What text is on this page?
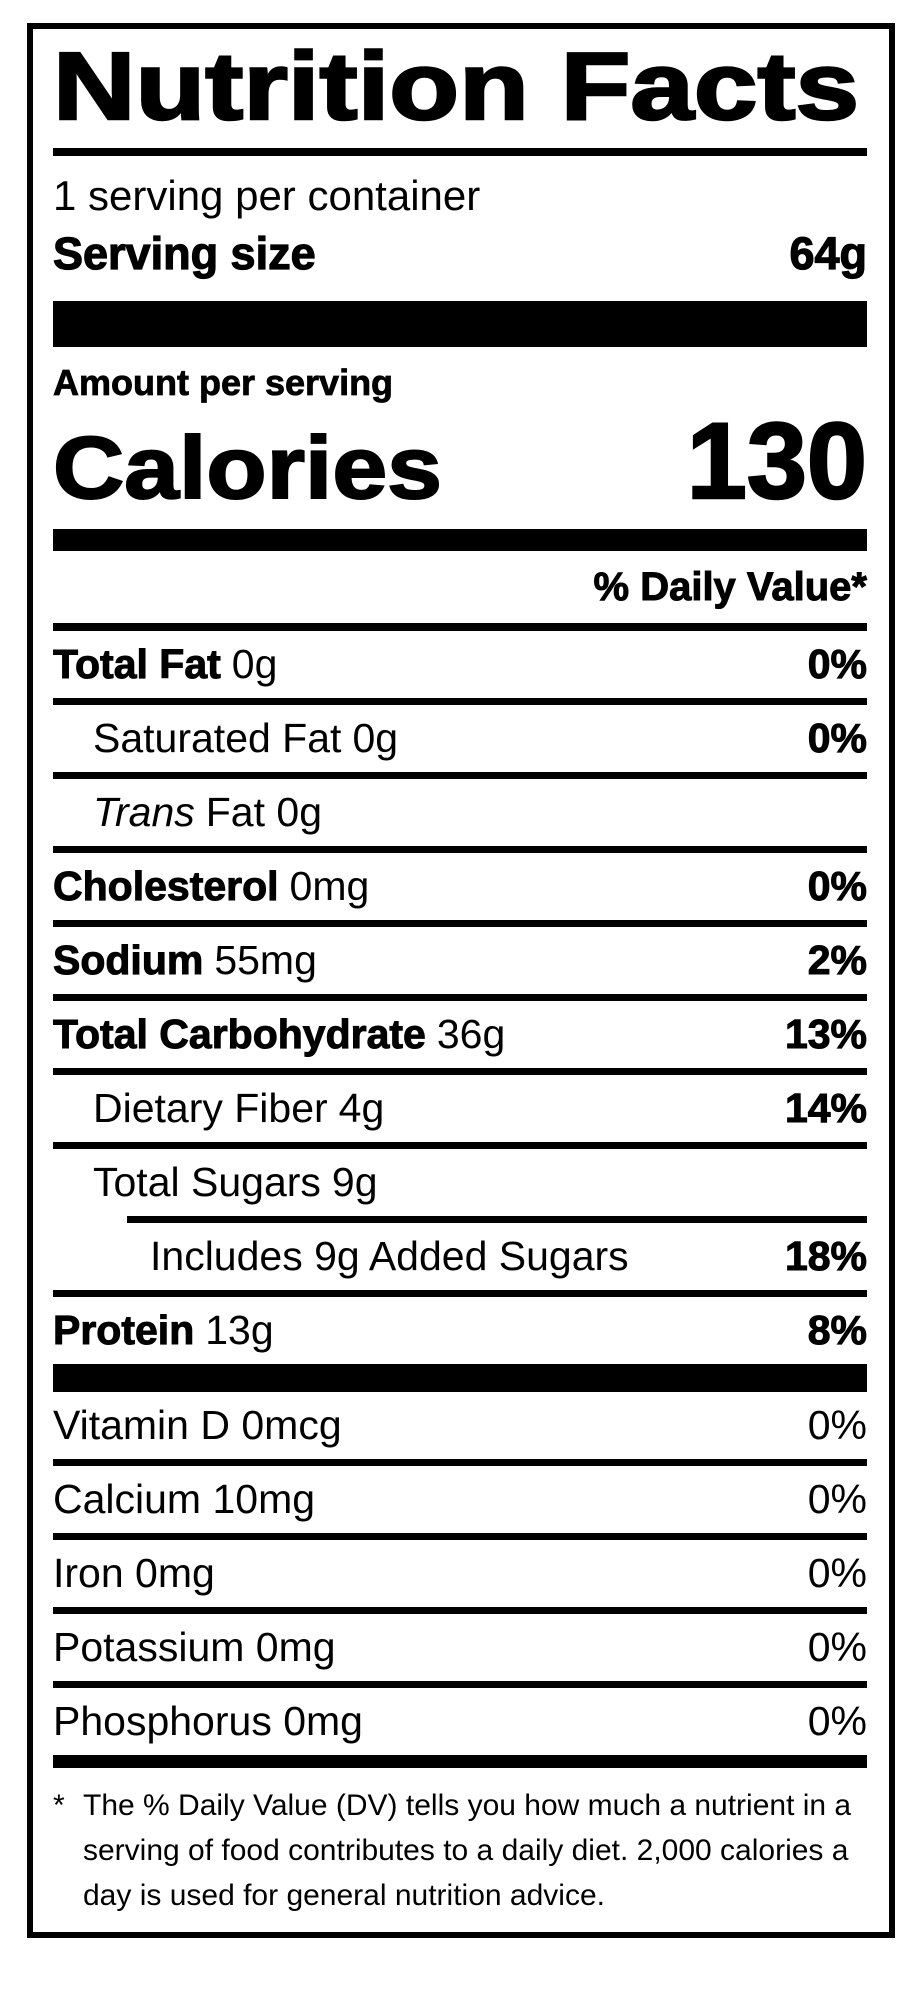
Nutrition Facts
1 serving per container
Serving size	64g
Amount per serving
Calories 130
% Daily Value*
Total Fat 0g	0%
Saturated Fat 0g	0%
Trans Fat 0g
Cholesterol 0mg	0%
Sodium 55mg	2%
Total Carbohydrate 36g	13%
Dietary Fiber 4g	14%
Total Sugars 9g
Includes 9g Added Sugars	18%
Protein 13g	8%
Vitamin D 0mcg	0%
Calcium 10mg	0%
Iron 0mg	0%
Potassium 0mg	0%
Phosphorus 0mg	0%
* The % Daily Value (DV) tells you how much a nutrient in a
serving of food contributes to a daily diet. 2,000 calories a
day is used for general nutrition advice.
